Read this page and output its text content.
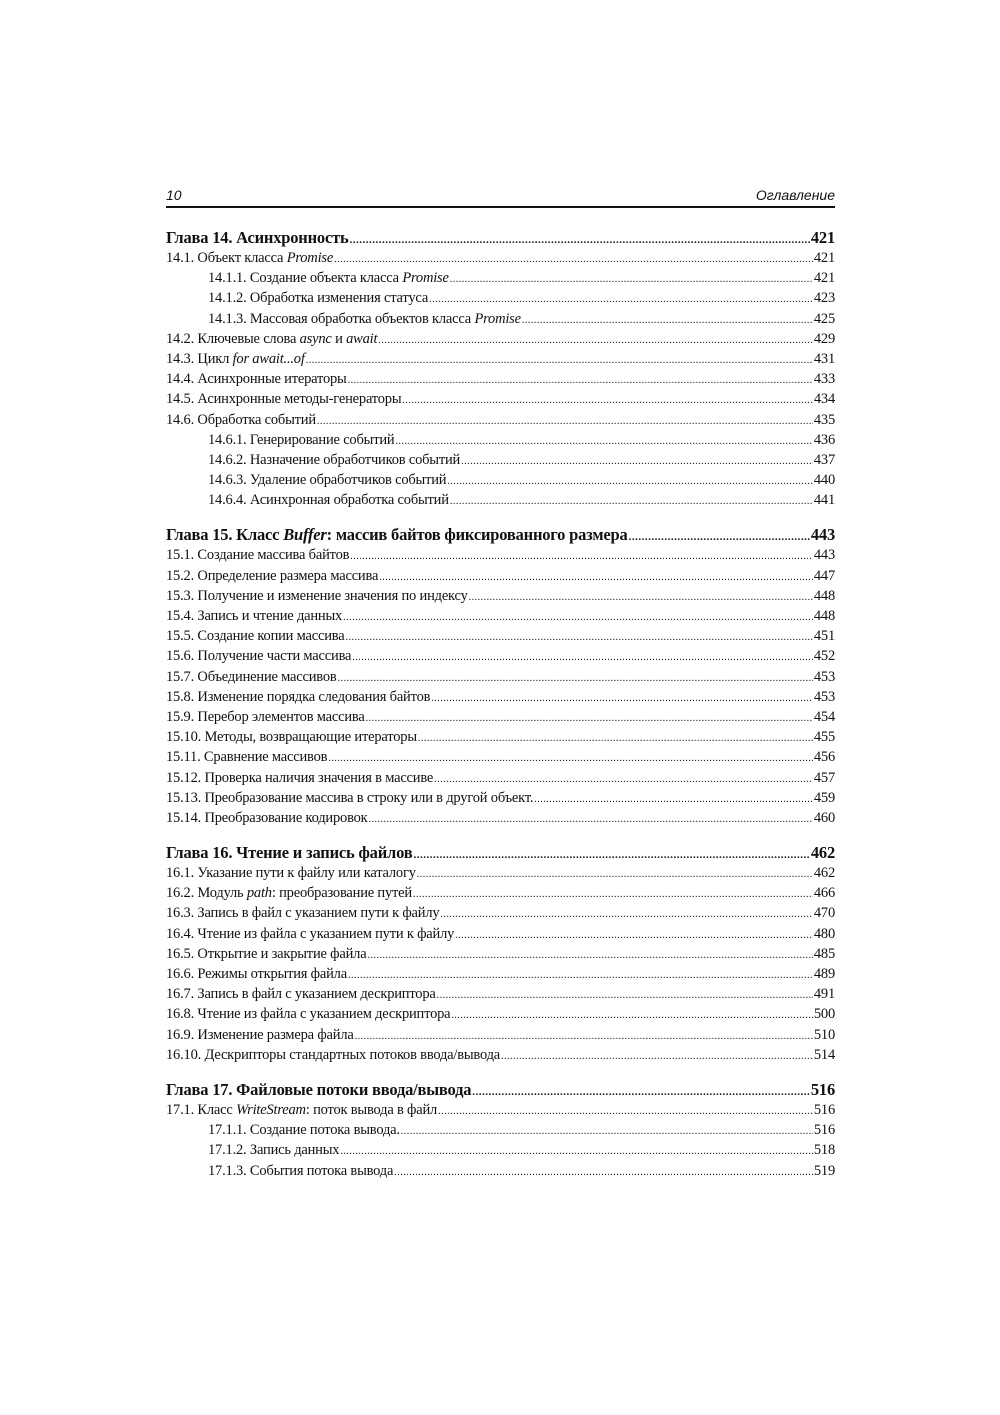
10	Оглавление
Глава 14. Асинхронность .....	421
14.1. Объект класса Promise .....	421
14.1.1. Создание объекта класса Promise .....	421
14.1.2. Обработка изменения статуса .....	423
14.1.3. Массовая обработка объектов класса Promise .....	425
14.2. Ключевые слова async и await .....	429
14.3. Цикл for await...of .....	431
14.4. Асинхронные итераторы .....	433
14.5. Асинхронные методы-генераторы .....	434
14.6. Обработка событий .....	435
14.6.1. Генерирование событий .....	436
14.6.2. Назначение обработчиков событий .....	437
14.6.3. Удаление обработчиков событий .....	440
14.6.4. Асинхронная обработка событий .....	441
Глава 15. Класс Buffer: массив байтов фиксированного размера .....	443
15.1. Создание массива байтов .....	443
15.2. Определение размера массива .....	447
15.3. Получение и изменение значения по индексу .....	448
15.4. Запись и чтение данных .....	448
15.5. Создание копии массива .....	451
15.6. Получение части массива .....	452
15.7. Объединение массивов .....	453
15.8. Изменение порядка следования байтов .....	453
15.9. Перебор элементов массива .....	454
15.10. Методы, возвращающие итераторы .....	455
15.11. Сравнение массивов .....	456
15.12. Проверка наличия значения в массиве .....	457
15.13. Преобразование массива в строку или в другой объект. .....	459
15.14. Преобразование кодировок .....	460
Глава 16. Чтение и запись файлов .....	462
16.1. Указание пути к файлу или каталогу .....	462
16.2. Модуль path: преобразование путей .....	466
16.3. Запись в файл с указанием пути к файлу .....	470
16.4. Чтение из файла с указанием пути к файлу .....	480
16.5. Открытие и закрытие файла .....	485
16.6. Режимы открытия файла .....	489
16.7. Запись в файл с указанием дескриптора .....	491
16.8. Чтение из файла с указанием дескриптора .....	500
16.9. Изменение размера файла .....	510
16.10. Дескрипторы стандартных потоков ввода/вывода .....	514
Глава 17. Файловые потоки ввода/вывода .....	516
17.1. Класс WriteStream: поток вывода в файл .....	516
17.1.1. Создание потока вывода. .....	516
17.1.2. Запись данных .....	518
17.1.3. События потока вывода .....	519
